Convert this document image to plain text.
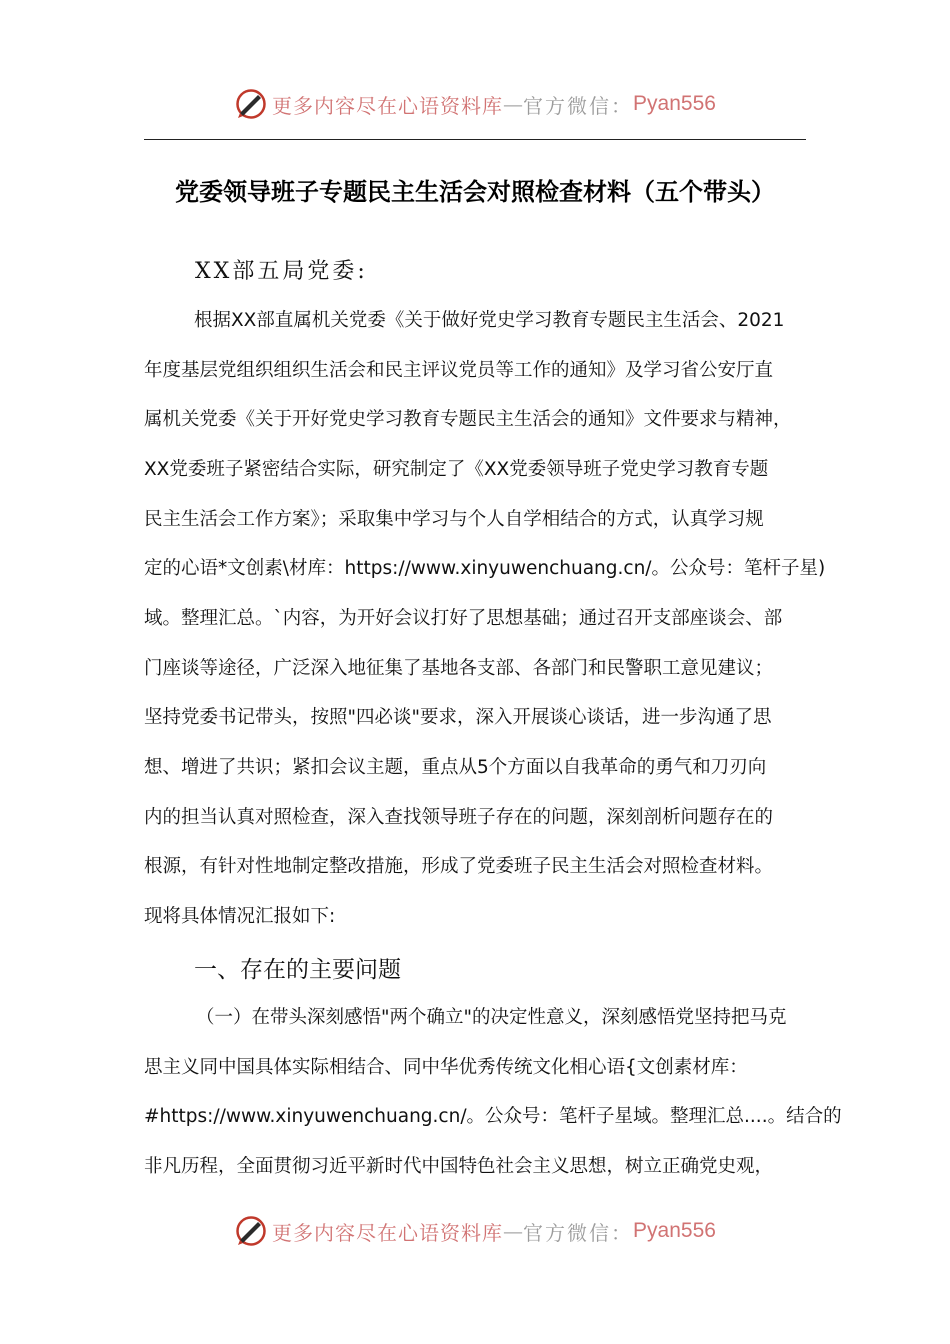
更多内容尽在心语资料库 — 官方微信： Pyan556
党委领导班子专题民主生活会对照检查材料（五个带头）
XX部五局党委:
根据XX部直属机关党委《关于做好党史学习教育专题民主生活会、2021
年度基层党组织组织生活会和民主评议党员等工作的通知》及学习省公安厅直
属机关党委《关于开好党史学习教育专题民主生活会的通知》文件要求与精神，
XX党委班子紧密结合实际，研究制定了《XX党委领导班子党史学习教育专题
民主生活会工作方案》；采取集中学习与个人自学相结合的方式，认真学习规
定的心语*文创素\材库：https://www.xinyuwenchuang.cn/。公众号：笔杆子星)
域。整理汇总。`内容，为开好会议打好了思想基础；通过召开支部座谈会、部
门座谈等途径，广泛深入地征集了基地各支部、各部门和民警职工意见建议；
坚持党委书记带头，按照"四必谈"要求，深入开展谈心谈话，进一步沟通了思
想、增进了共识；紧扣会议主题，重点从5个方面以自我革命的勇气和刀刃向
内的担当认真对照检查，深入查找领导班子存在的问题，深刻剖析问题存在的
根源，有针对性地制定整改措施，形成了党委班子民主生活会对照检查材料。
现将具体情况汇报如下:
一、存在的主要问题
（一）在带头深刻感悟"两个确立"的决定性意义，深刻感悟党坚持把马克
思主义同中国具体实际相结合、同中华优秀传统文化相心语{文创素材库：
#https://www.xinyuwenchuang.cn/。公众号：笔杆子星域。整理汇总....。结合的
非凡历程，全面贯彻习近平新时代中国特色社会主义思想，树立正确党史观，
更多内容尽在心语资料库 — 官方微信： Pyan556
